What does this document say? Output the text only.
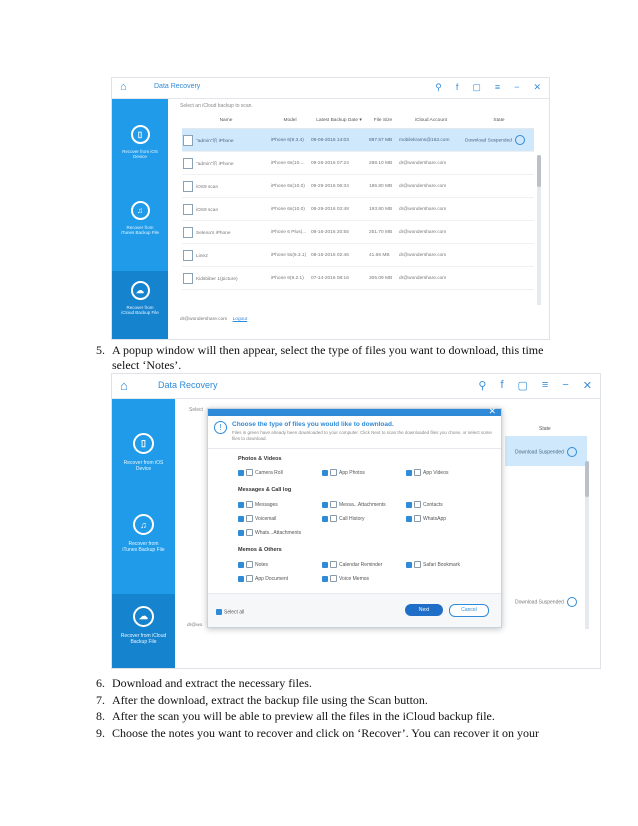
⌂	Data Recovery	⚲ f ▢ ≡ − ✕
▯
Recover from iOS Device
♫
Recover from iTunes Backup File
☁
Recover from iCloud Backup File
Select an iCloud backup to scan.
Name	Model	Latest Backup Date ▾	File Size	iCloud Account	State
"admin"的 iPhone	iPhone 6(9.3.4)	09-06-2016 14:03	897.57 MB	mobilekrams@163.com	Download Suspended
"admin"的 iPhone	iPhone 6s(10....	09-26-2016 07:24	288.10 MB	dr@wondershare.com	
iOS9 scan	iPhone 6s(10.0)	09-29-2016 06:34	186.80 MB	dr@wondershare.com	
iOS9 scan	iPhone 6s(10.0)	08-29-2016 03:48	193.80 MB	dr@wondershare.com	
Selena's iPhone	iPhone 6 Plus(...	08-16-2016 20:55	251.70 MB	dr@wondershare.com	
Line2	iPhone 5s(9.3.1)	08-15-2016 02:46	41.66 MB	dr@wondershare.com	
Kidsbiber 1(picture)	iPhone 6(9.2.1)	07-14-2016 08:16	305.09 MB	dr@wondershare.com	
dr@wondershare.com Logout
5. A popup window will then appear, select the type of files you want to download, this time
select ‘Notes’.
⌂	Data Recovery	⚲ f ▢ ≡ − ✕
▯
Recover from iOS Device
♫
Recover from iTunes Backup File
☁
Recover from iCloud Backup File
Select
State
Download Suspended
Download Suspended
dr@wo
✕
!	Choose the type of files you would like to download.
Files in green have already been downloaded to your computer. Click Next to scan the downloaded files you chose, or select some files to download.
Photos & Videos
Camera Roll	App Photos	App Videos
Messages & Call log
Messages	Messa...Attachments	Contacts
Voicemail	Call History	WhatsApp
Whats...Attachments
Memos & Others
Notes	Calendar Reminder	Safari Bookmark
App Document	Voice Memos
Select all	Next	Cancel
6. Download and extract the necessary files.
7. After the download, extract the backup file using the Scan button.
8. After the scan you will be able to preview all the files in the iCloud backup file.
9. Choose the notes you want to recover and click on ‘Recover’. You can recover it on your
